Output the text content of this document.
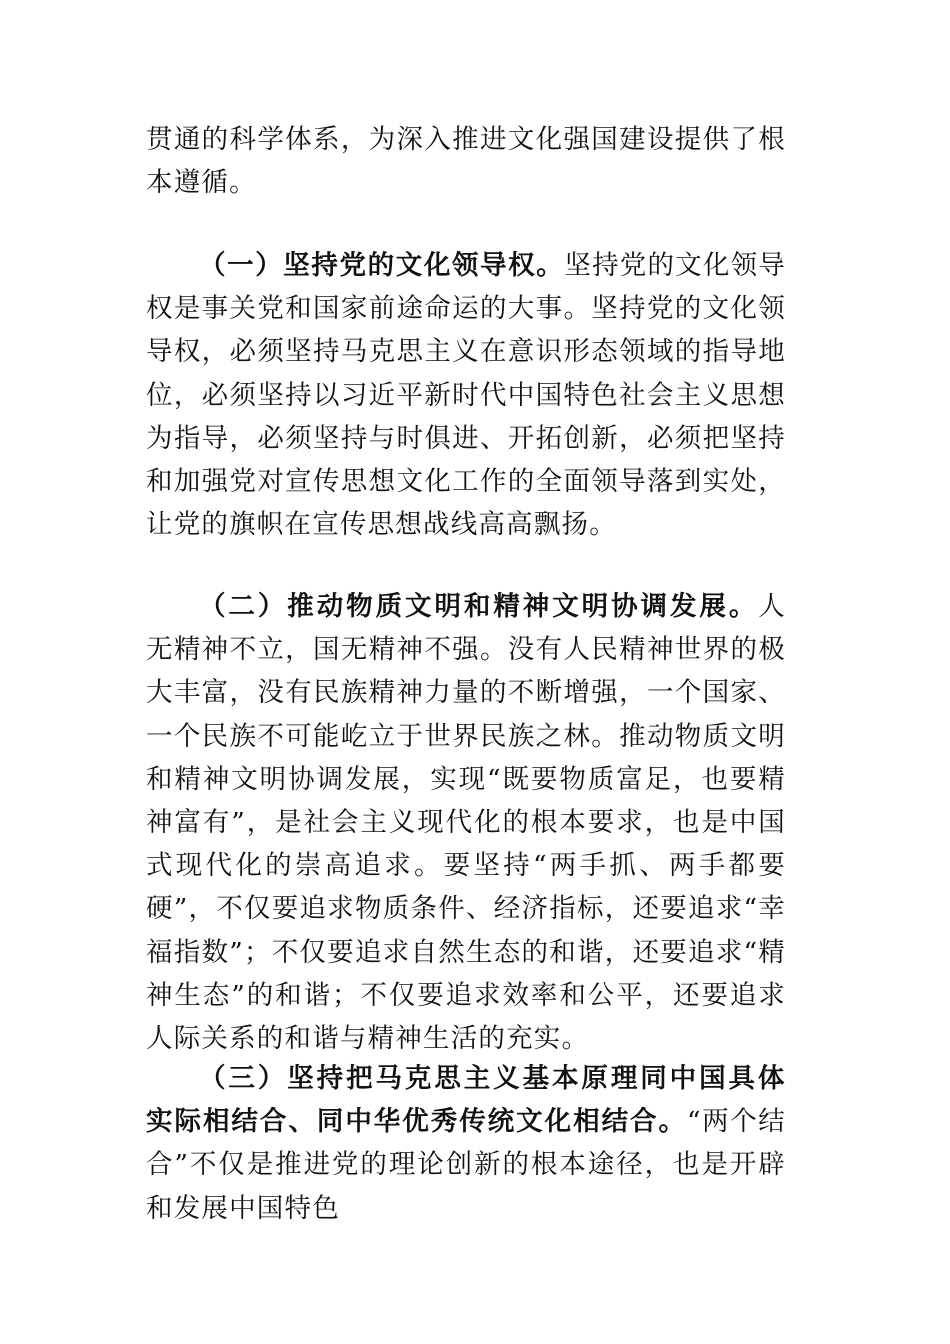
贯通的科学体系，为深入推进文化强国建设提供了根本遵循。

（一）坚持党的文化领导权。坚持党的文化领导权是事关党和国家前途命运的大事。坚持党的文化领导权，必须坚持马克思主义在意识形态领域的指导地位，必须坚持以习近平新时代中国特色社会主义思想为指导，必须坚持与时俱进、开拓创新，必须把坚持和加强党对宣传思想文化工作的全面领导落到实处，让党的旗帜在宣传思想战线高高飘扬。

（二）推动物质文明和精神文明协调发展。人无精神不立，国无精神不强。没有人民精神世界的极大丰富，没有民族精神力量的不断增强，一个国家、一个民族不可能屹立于世界民族之林。推动物质文明和精神文明协调发展，实现“既要物质富足，也要精神富有”，是社会主义现代化的根本要求，也是中国式现代化的崇高追求。要坚持“两手抓、两手都要硬”，不仅要追求物质条件、经济指标，还要追求“幸福指数”；不仅要追求自然生态的和谐，还要追求“精神生态”的和谐；不仅要追求效率和公平，还要追求人际关系的和谐与精神生活的充实。

（三）坚持把马克思主义基本原理同中国具体实际相结合、同中华优秀传统文化相结合。“两个结合”不仅是推进党的理论创新的根本途径，也是开辟和发展中国特色
